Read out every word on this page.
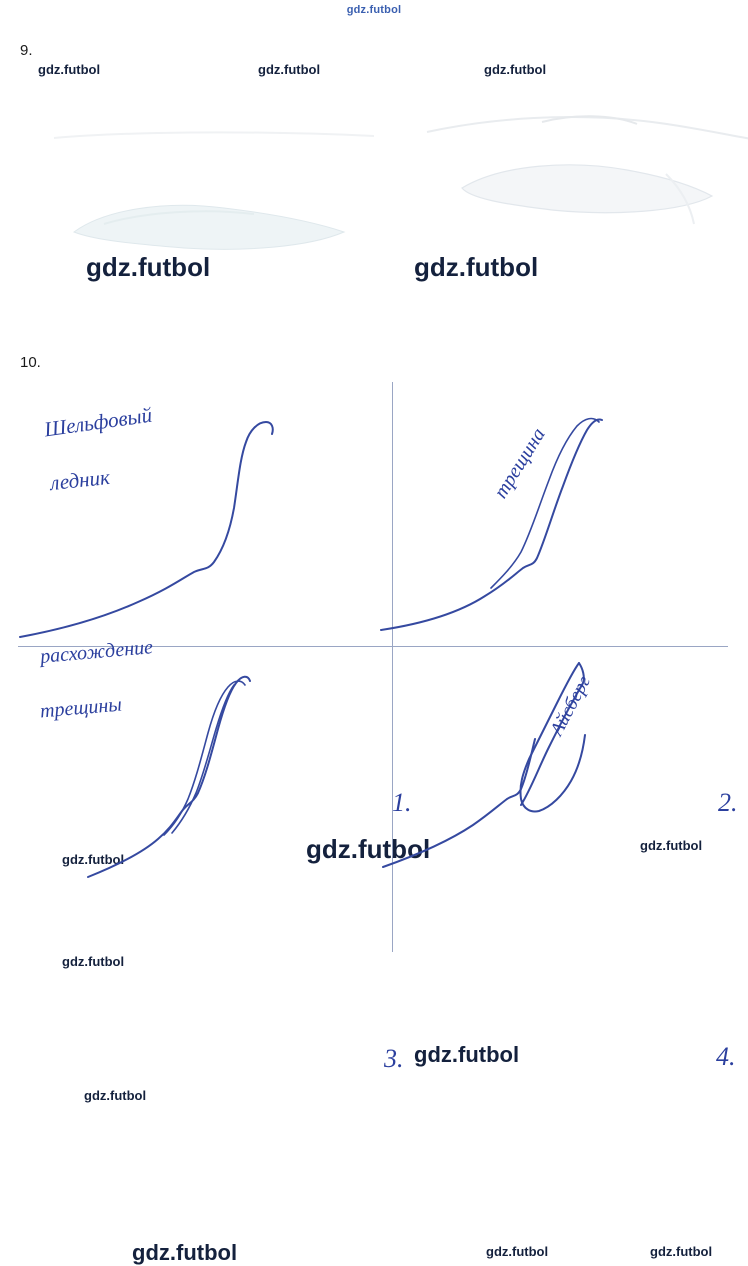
gdz.futbol
9.
gdz.futbol	gdz.futbol	gdz.futbol
gdz.futbol	gdz.futbol
10.
Шельфовый
ледник
gdz.futbol
gdz.futbol
1.
gdz.futbol
трещина
2.
gdz.futbol
расхождение
трещины
gdz.futbol
gdz.futbol
3. gdz.futbol
Айсберг
4.
gdz.futbol	gdz.futbol
